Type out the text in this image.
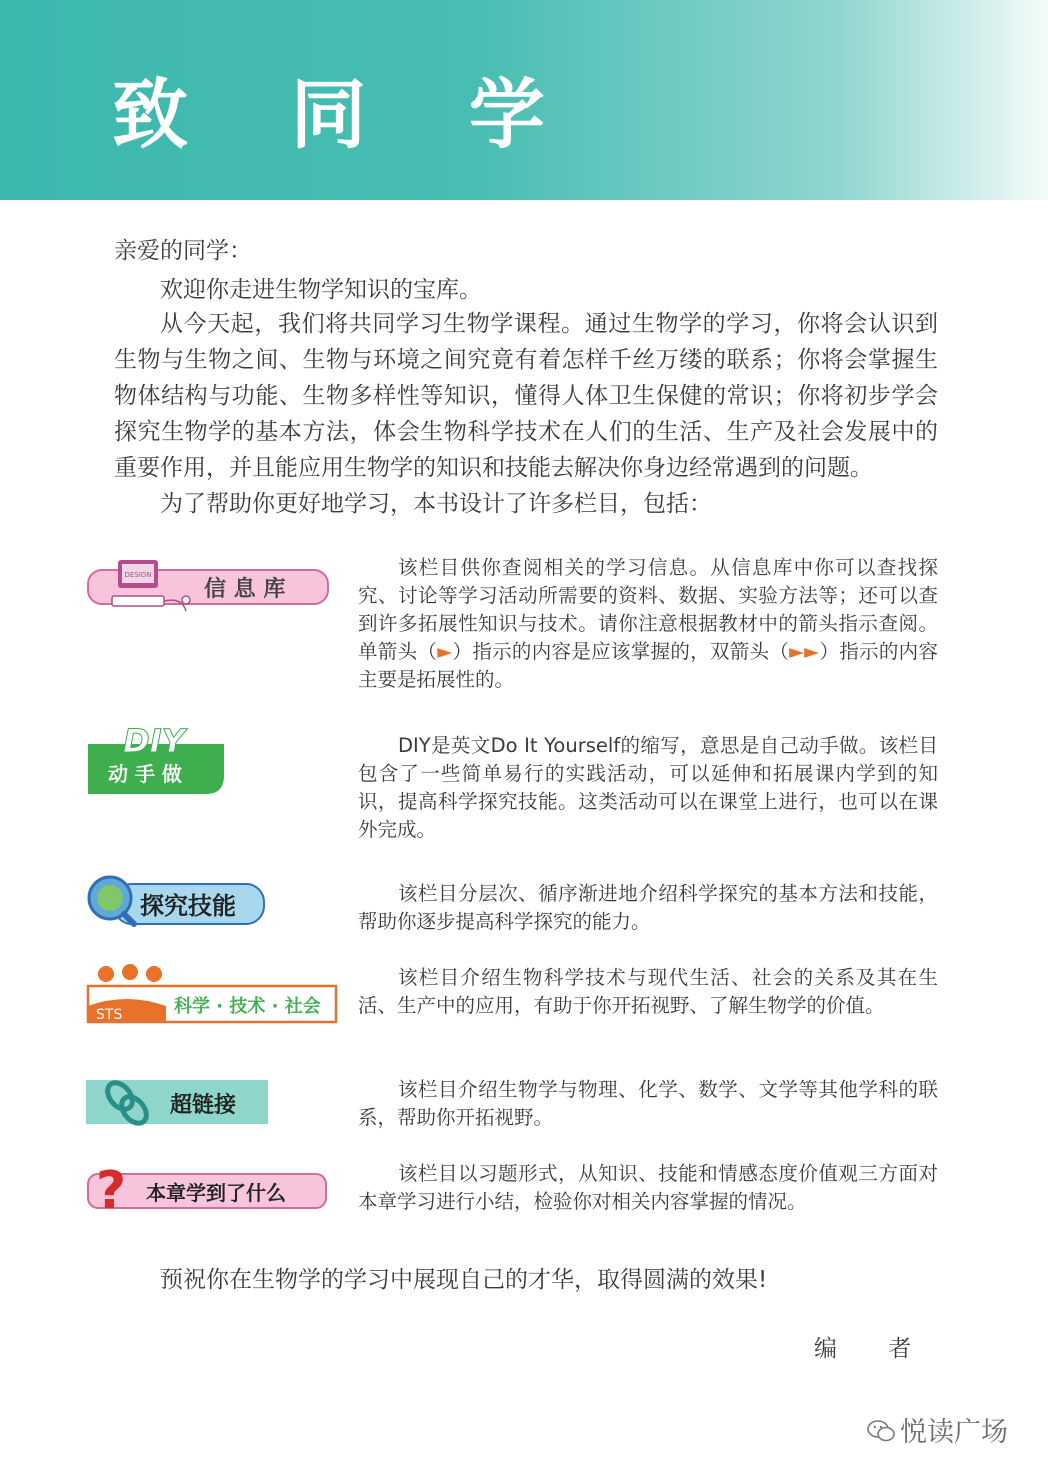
致 同 学

亲爱的同学：

欢迎你走进生物学知识的宝库。

从今天起，我们将共同学习生物学课程。通过生物学的学习，你将会认识到生物与生物之间、生物与环境之间究竟有着怎样千丝万缕的联系；你将会掌握生物体结构与功能、生物多样性等知识，懂得人体卫生保健的常识；你将初步学会探究生物学的基本方法，体会生物科学技术在人们的生活、生产及社会发展中的重要作用，并且能应用生物学的知识和技能去解决你身边经常遇到的问题。

为了帮助你更好地学习，本书设计了许多栏目，包括：

DESIGN
信 息 库

该栏目供你查阅相关的学习信息。从信息库中你可以查找探究、讨论等学习活动所需要的资料、数据、实验方法等；还可以查到许多拓展性知识与技术。请你注意根据教材中的箭头指示查阅。单箭头（►）指示的内容是应该掌握的，双箭头（►►）指示的内容主要是拓展性的。

DIY
动 手 做

DIY是英文Do It Yourself的缩写，意思是自己动手做。该栏目包含了一些简单易行的实践活动，可以延伸和拓展课内学到的知识，提高科学探究技能。这类活动可以在课堂上进行，也可以在课外完成。

探究技能	该栏目分层次、循序渐进地介绍科学探究的基本方法和技能，帮助你逐步提高科学探究的能力。

STS	科学 · 技术 · 社会

该栏目介绍生物科学技术与现代生活、社会的关系及其在生活、生产中的应用，有助于你开拓视野、了解生物学的价值。

超链接

该栏目介绍生物学与物理、化学、数学、文学等其他学科的联系，帮助你开拓视野。

? 本章学到了什么

该栏目以习题形式，从知识、技能和情感态度价值观三方面对本章学习进行小结，检验你对相关内容掌握的情况。

预祝你在生物学的学习中展现自己的才华，取得圆满的效果!

编 者
悦读广场
